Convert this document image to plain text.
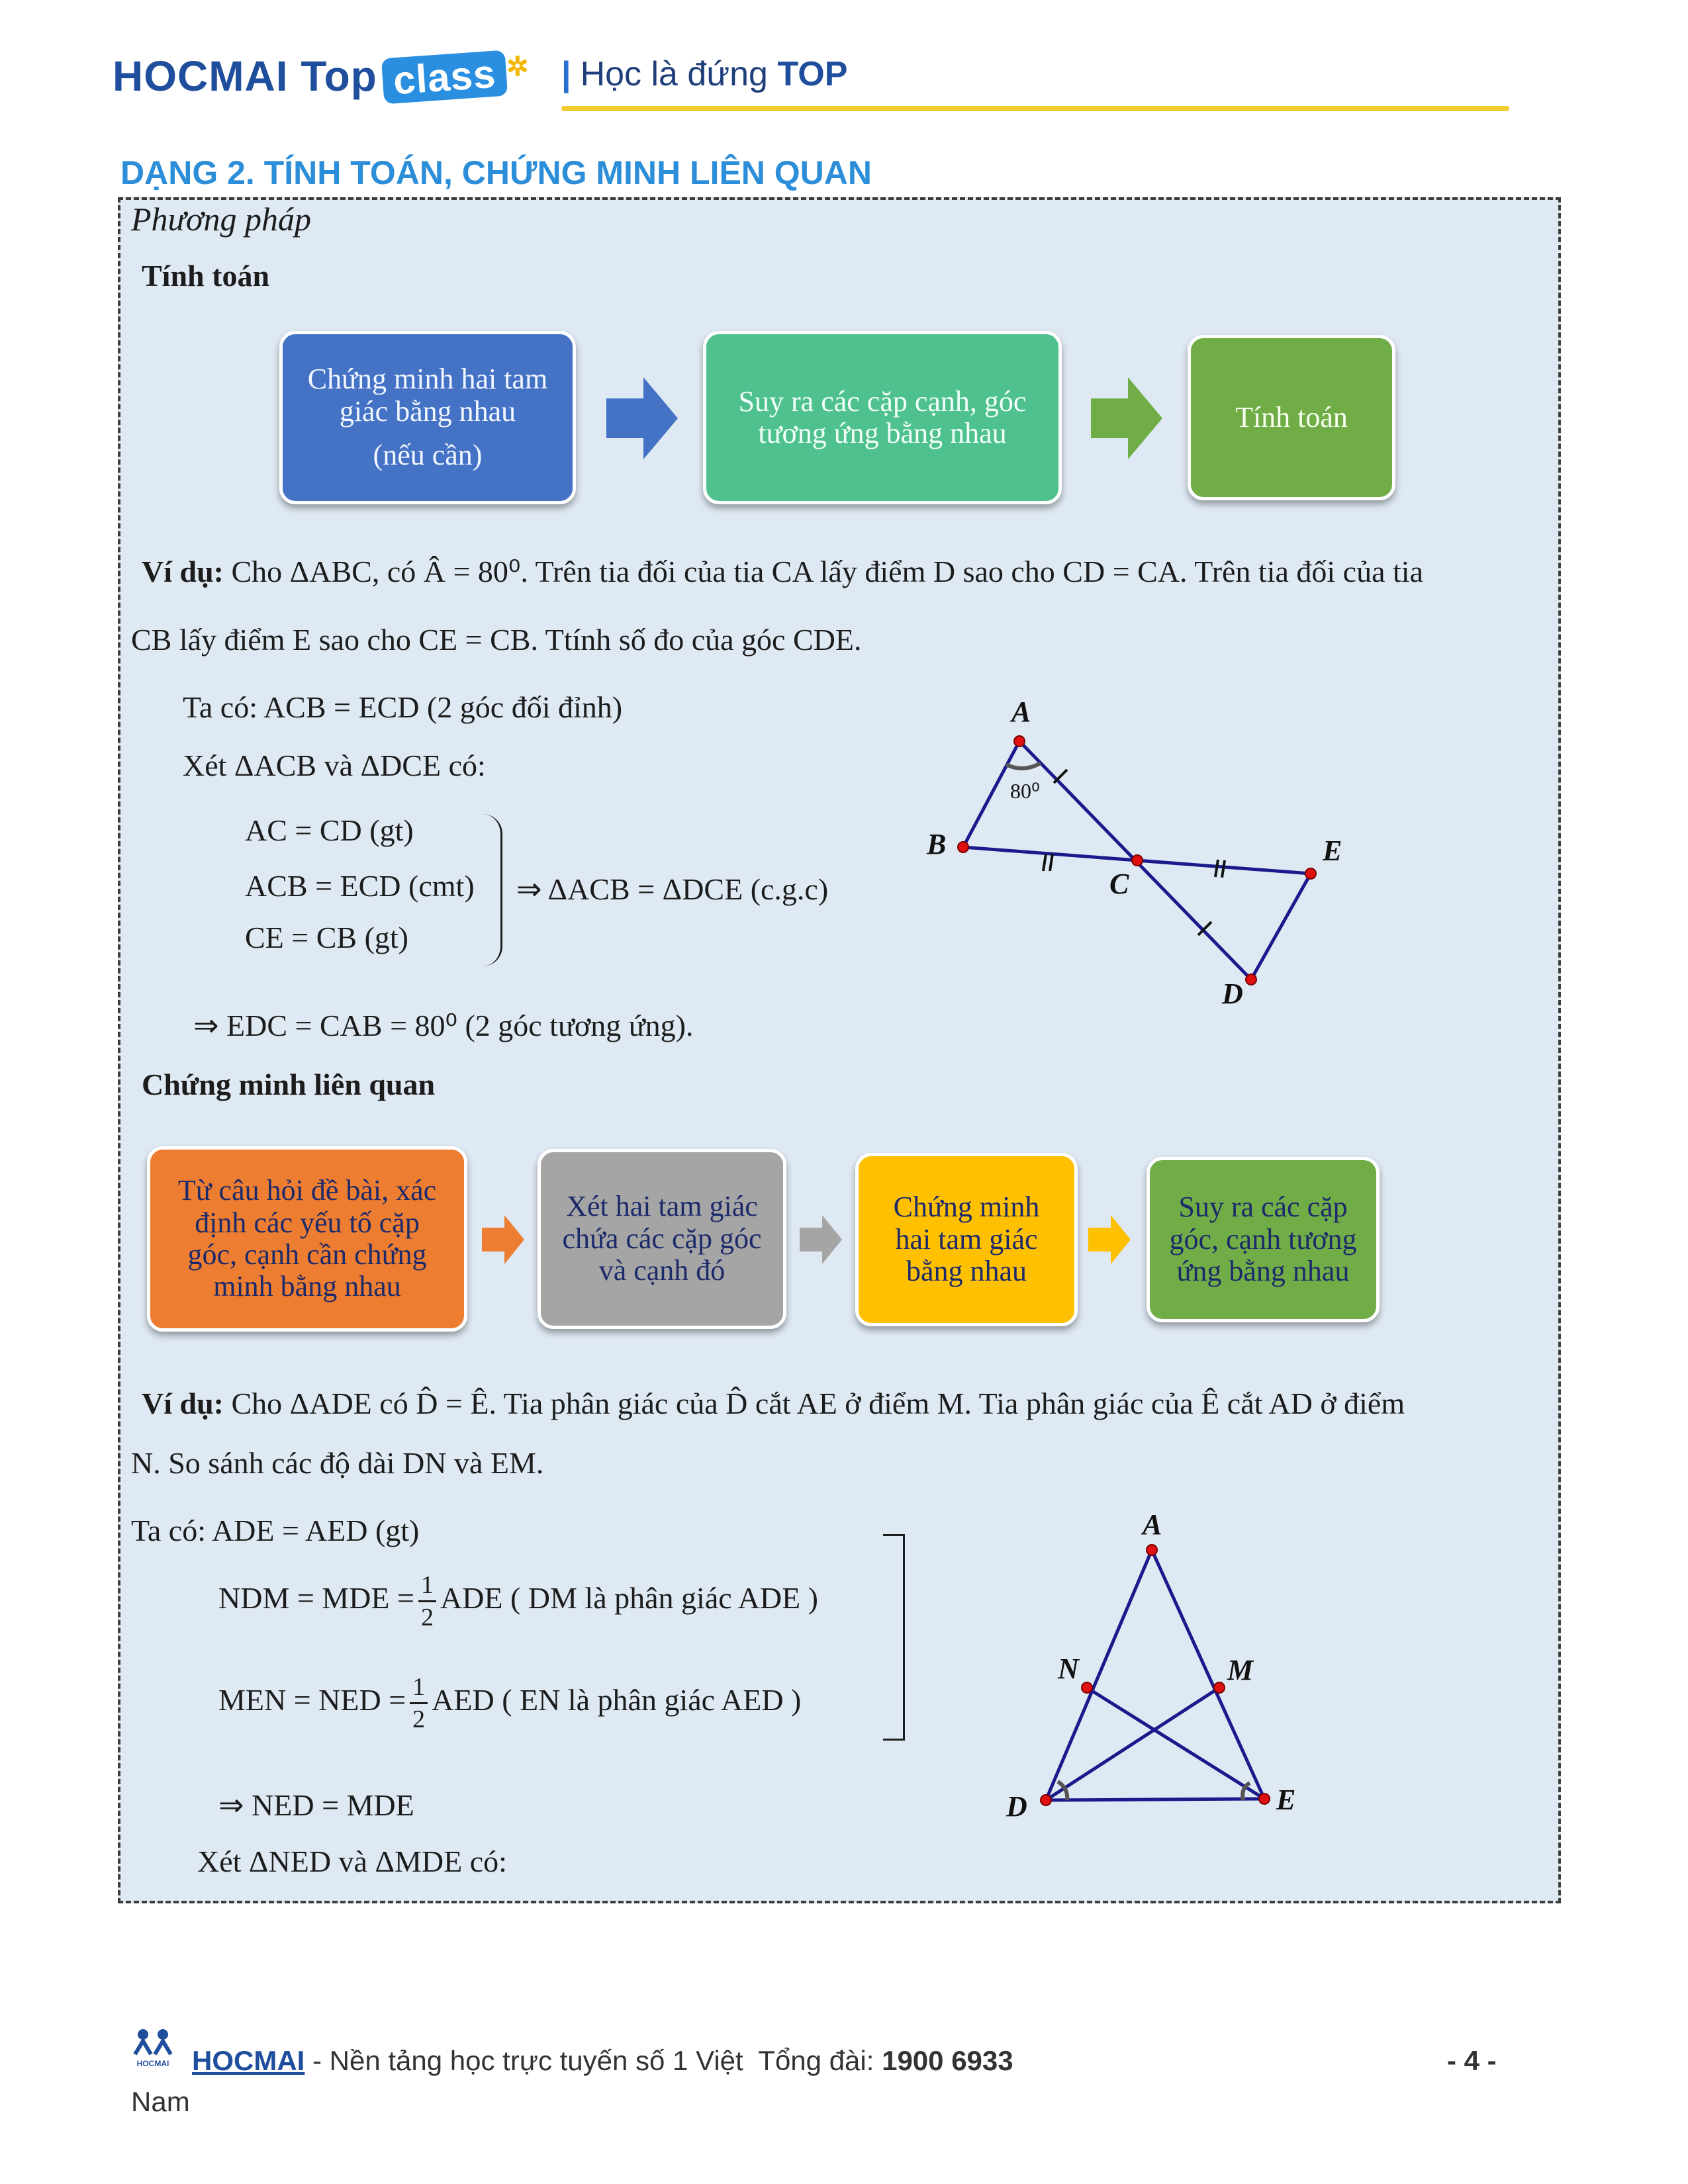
HOCMAI Top class ✲ | Học là đứng TOP
DẠNG 2. TÍNH TOÁN, CHỨNG MINH LIÊN QUAN
Phương pháp
Tính toán
Chứng minh hai tam
giác bằng nhau
(nếu cần)
Suy ra các cặp cạnh, góc
tương ứng bằng nhau	Tính toán
Ví dụ: Cho ΔABC, có Â = 80⁰. Trên tia đối của tia CA lấy điểm D sao cho CD = CA. Trên tia đối của tia
CB lấy điểm E sao cho CE = CB. Ttính số đo của góc CDE.
Ta có: ACB = ECD (2 góc đối đỉnh)
Xét ΔACB và ΔDCE có:
AC = CD (gt)
ACB = ECD (cmt)
CE = CB (gt)
⇒ ΔACB = ΔDCE (c.g.c)
⇒ EDC = CAB = 80⁰ (2 góc tương ứng).
A
B
C
E
D
80⁰
Chứng minh liên quan
Từ câu hỏi đề bài, xác
định các yếu tố cặp
góc, cạnh cần chứng
minh bằng nhau
Xét hai tam giác
chứa các cặp góc
và cạnh đó
Chứng minh
hai tam giác
bằng nhau
Suy ra các cặp
góc, cạnh tương
ứng bằng nhau
Ví dụ: Cho ΔADE có D̂ = Ê. Tia phân giác của D̂ cắt AE ở điểm M. Tia phân giác của Ê cắt AD ở điểm
N. So sánh các độ dài DN và EM.
Ta có: ADE = AED (gt)
NDM = MDE = $\frac{1}{2}$ ADE ( DM là phân giác ADE )
MEN = NED = $\frac{1}{2}$ AED ( EN là phân giác AED )
⇒ NED = MDE
Xét ΔNED và ΔMDE có:
A
N	M
D	E
HOCMAI HOCMAI - Nền tảng học trực tuyến số 1 Việt Tổng đài: 1900 6933	- 4 -
Nam
